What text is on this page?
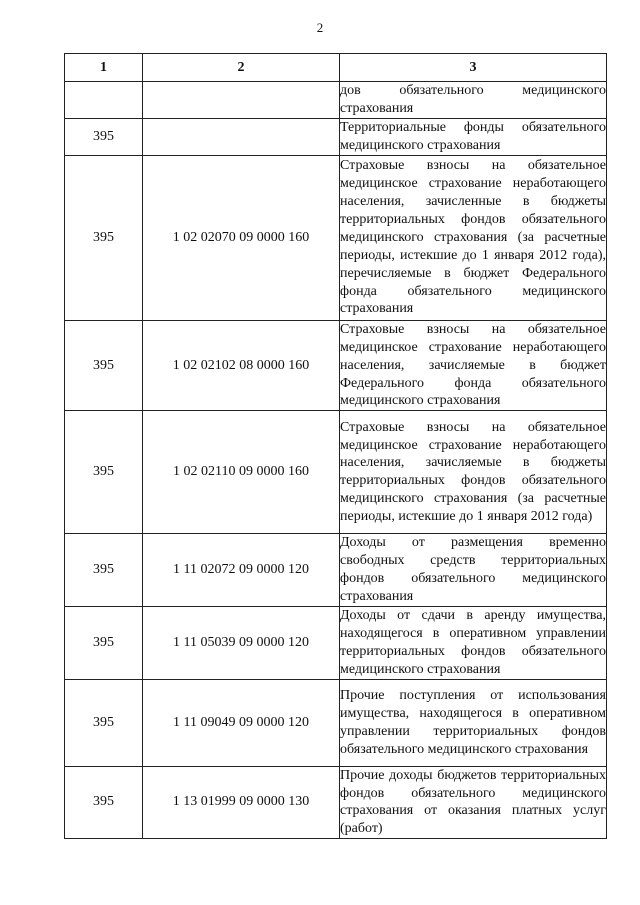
2
1	2	3
		дов обязательного медицинского страхования
395		Территориальные фонды обязательного медицинского страхования
395	1 02 02070 09 0000 160	Страховые взносы на обязательное медицинское страхование неработающего населения, зачисленные в бюджеты территориальных фондов обязательного медицинского страхования (за расчетные периоды, истекшие до 1 января 2012 года), перечисляемые в бюджет Федерального фонда обязательного медицинского страхования
395	1 02 02102 08 0000 160	Страховые взносы на обязательное медицинское страхование неработающего населения, зачисляемые в бюджет Федерального фонда обязательного медицинского страхования
395	1 02 02110 09 0000 160	Страховые взносы на обязательное медицинское страхование неработающего населения, зачисляемые в бюджеты территориальных фондов обязательного медицинского страхования (за расчетные периоды, истекшие до 1 января 2012 года)
395	1 11 02072 09 0000 120	Доходы от размещения временно свободных средств территориальных фондов обязательного медицинского страхования
395	1 11 05039 09 0000 120	Доходы от сдачи в аренду имущества, находящегося в оперативном управлении территориальных фондов обязательного медицинского страхования
395	1 11 09049 09 0000 120	Прочие поступления от использования имущества, находящегося в оперативном управлении территориальных фондов обязательного медицинского страхования
395	1 13 01999 09 0000 130	Прочие доходы бюджетов территориальных фондов обязательного медицинского страхования от оказания платных услуг (работ)
